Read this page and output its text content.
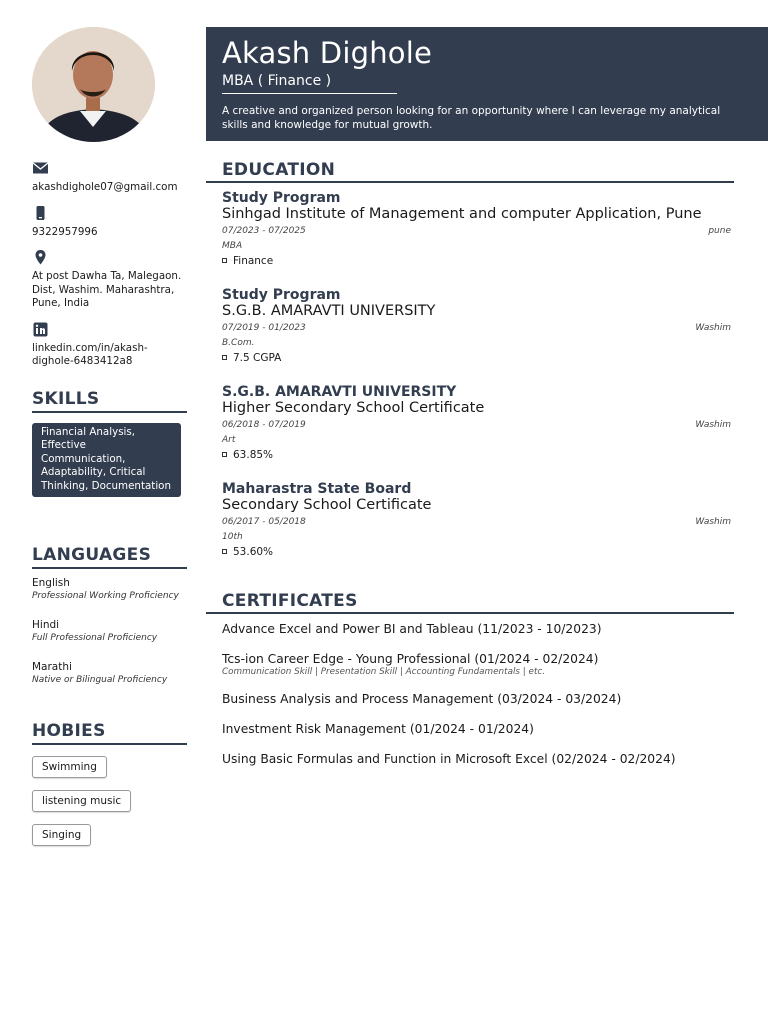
Akash Dighole
MBA ( Finance )
A creative and organized person looking for an opportunity where I can leverage my analytical skills and knowledge for mutual growth.
akashdighole07@gmail.com
9322957996
At post Dawha Ta, Malegaon. Dist, Washim. Maharashtra, Pune, India
linkedin.com/in/akash-dighole-6483412a8
SKILLS
Financial Analysis, Effective Communication, Adaptability, Critical Thinking, Documentation
LANGUAGES
English
Professional Working Proficiency
Hindi
Full Professional Proficiency
Marathi
Native or Bilingual Proficiency
HOBIES
Swimming
listening music
Singing
EDUCATION
Study Program
Sinhgad Institute of Management and computer Application, Pune
07/2023 - 07/2025	pune
MBA
Finance
Study Program
S.G.B. AMARAVTI UNIVERSITY
07/2019 - 01/2023	Washim
B.Com.
7.5 CGPA
S.G.B. AMARAVTI UNIVERSITY
Higher Secondary School Certificate
06/2018 - 07/2019	Washim
Art
63.85%
Maharastra State Board
Secondary School Certificate
06/2017 - 05/2018	Washim
10th
53.60%
CERTIFICATES
Advance Excel and Power BI and Tableau (11/2023 - 10/2023)
Tcs-ion Career Edge - Young Professional (01/2024 - 02/2024)
Communication Skill | Presentation Skill | Accounting Fundamentals | etc.
Business Analysis and Process Management (03/2024 - 03/2024)
Investment Risk Management (01/2024 - 01/2024)
Using Basic Formulas and Function in Microsoft Excel (02/2024 - 02/2024)
